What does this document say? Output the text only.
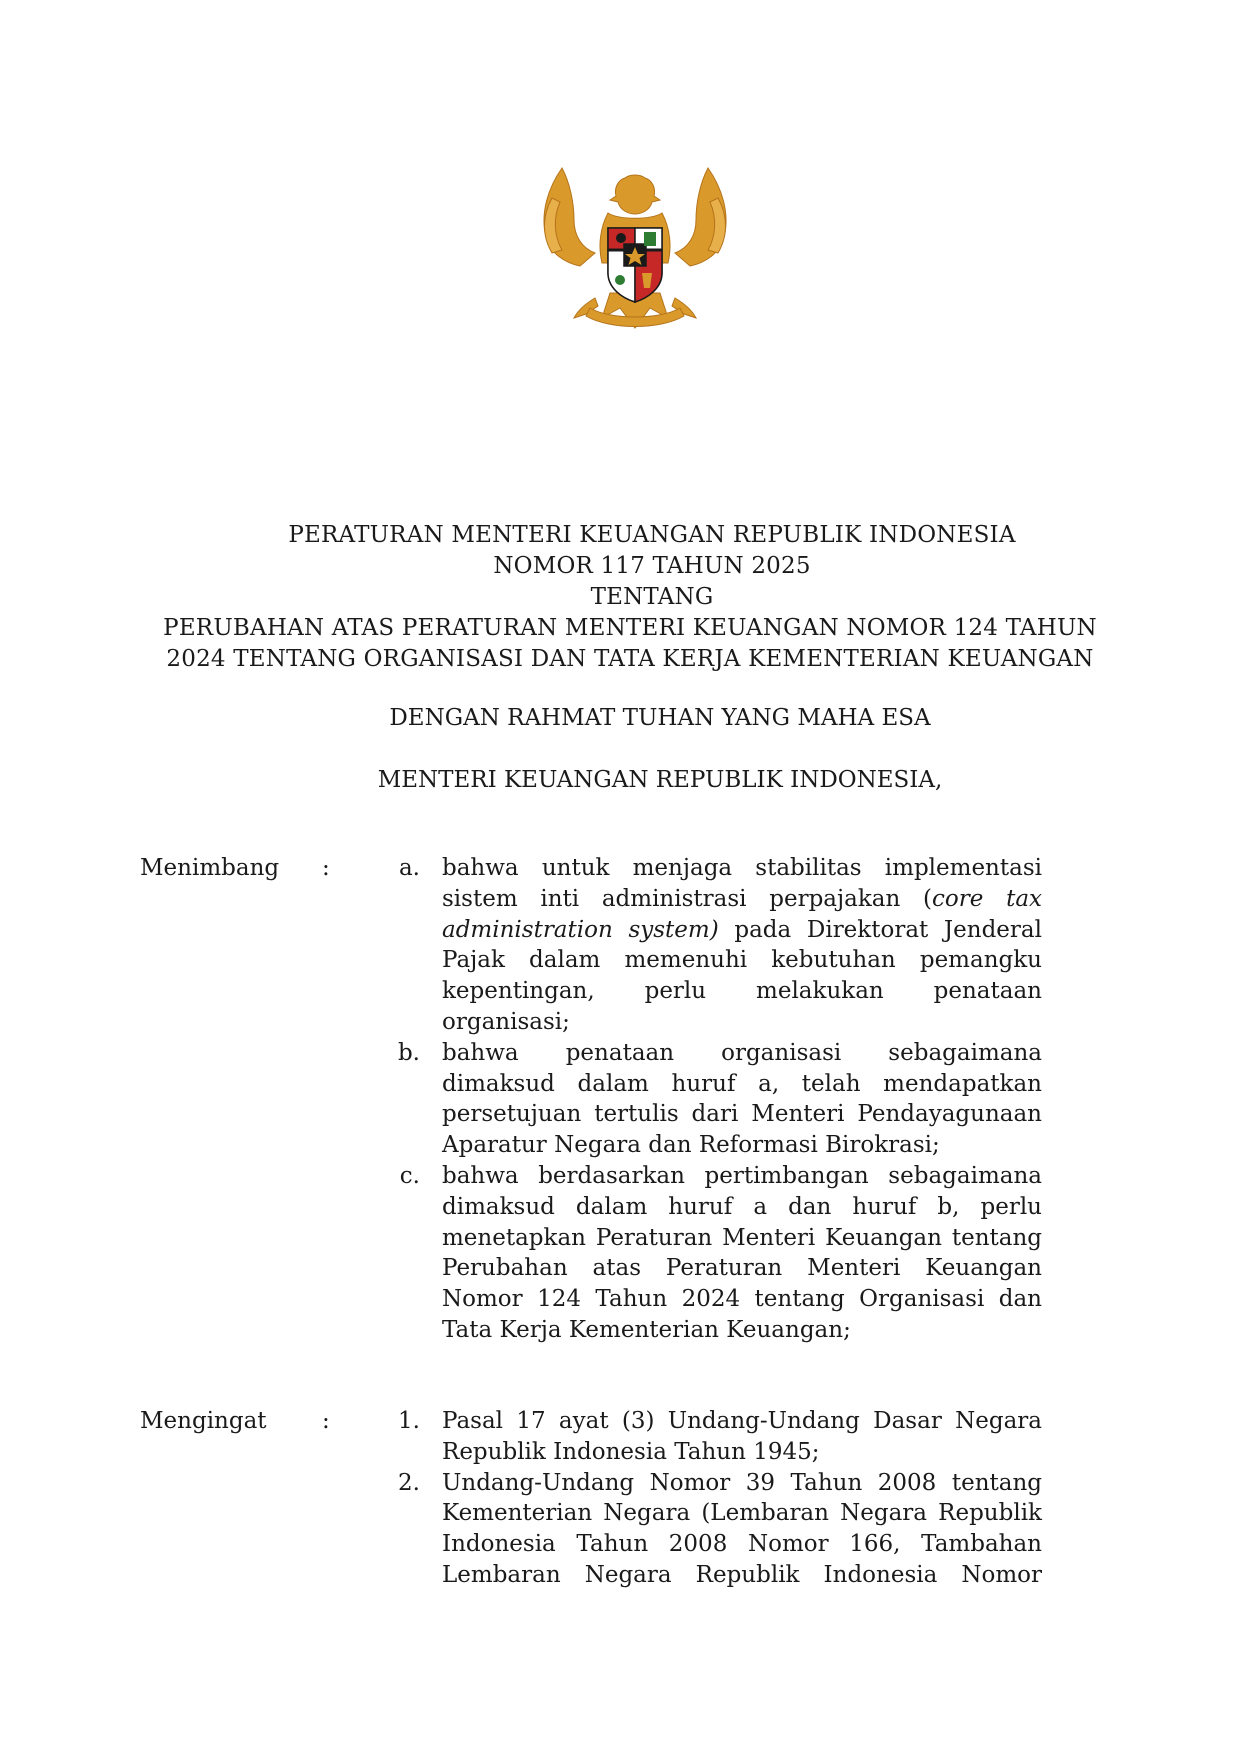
PERATURAN MENTERI KEUANGAN REPUBLIK INDONESIA
NOMOR 117 TAHUN 2025
TENTANG
PERUBAHAN ATAS PERATURAN MENTERI KEUANGAN NOMOR 124 TAHUN
2024 TENTANG ORGANISASI DAN TATA KERJA KEMENTERIAN KEUANGAN
DENGAN RAHMAT TUHAN YANG MAHA ESA
MENTERI KEUANGAN REPUBLIK INDONESIA,
Menimbang	:	a. bahwa untuk menjaga stabilitas implementasi sistem inti administrasi perpajakan (core tax administration system) pada Direktorat Jenderal Pajak dalam memenuhi kebutuhan pemangku kepentingan, perlu melakukan penataan organisasi;
b. bahwa penataan organisasi sebagaimana dimaksud dalam huruf a, telah mendapatkan persetujuan tertulis dari Menteri Pendayagunaan Aparatur Negara dan Reformasi Birokrasi;
c. bahwa berdasarkan pertimbangan sebagaimana dimaksud dalam huruf a dan huruf b, perlu menetapkan Peraturan Menteri Keuangan tentang Perubahan atas Peraturan Menteri Keuangan Nomor 124 Tahun 2024 tentang Organisasi dan Tata Kerja Kementerian Keuangan;
Mengingat	:	1. Pasal 17 ayat (3) Undang-Undang Dasar Negara Republik Indonesia Tahun 1945;
2. Undang-Undang Nomor 39 Tahun 2008 tentang Kementerian Negara (Lembaran Negara Republik Indonesia Tahun 2008 Nomor 166, Tambahan Lembaran Negara Republik Indonesia Nomor
